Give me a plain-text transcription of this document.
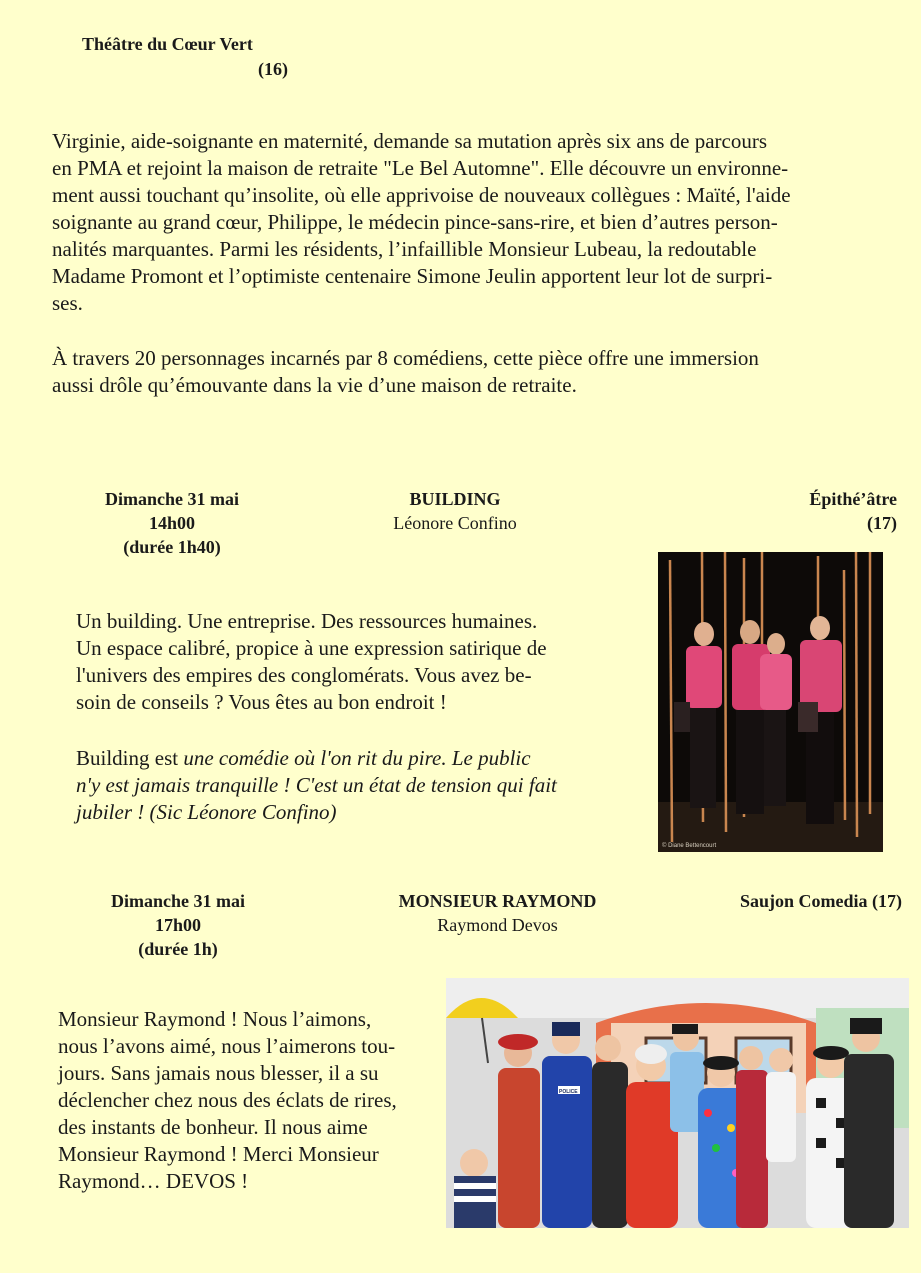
Théâtre du Cœur Vert
(16)
Virginie, aide-soignante en maternité, demande sa mutation après six ans de parcours
en PMA et rejoint la maison de retraite "Le Bel Automne". Elle découvre un environne-
ment aussi touchant qu’insolite, où elle apprivoise de nouveaux collègues : Maïté, l'aide
soignante au grand cœur, Philippe, le médecin pince-sans-rire, et bien d’autres person-
nalités marquantes. Parmi les résidents, l’infaillible Monsieur Lubeau, la redoutable
Madame Promont et l’optimiste centenaire Simone Jeulin apportent leur lot de surpri-
ses.
À travers 20 personnages incarnés par 8 comédiens, cette pièce offre une immersion
aussi drôle qu’émouvante dans la vie d’une maison de retraite.
Dimanche 31 mai
14h00
(durée 1h40)
BUILDING
Léonore Confino
Épithé’âtre
(17)
Un building. Une entreprise. Des ressources humaines.
Un espace calibré, propice à une expression satirique de
l'univers des empires des conglomérats. Vous avez be-
soin de conseils ? Vous êtes au bon endroit !
Building est une comédie où l'on rit du pire. Le public
n'y est jamais tranquille ! C'est un état de tension qui fait
jubiler ! (Sic Léonore Confino)
© Diane Bettencourt
Dimanche 31 mai
17h00
(durée 1h)
MONSIEUR RAYMOND
Raymond Devos
Saujon Comedia (17)
Monsieur Raymond ! Nous l’aimons,
nous l’avons aimé, nous l’aimerons tou-
jours. Sans jamais nous blesser, il a su
déclencher chez nous des éclats de rires,
des instants de bonheur. Il nous aime
Monsieur Raymond ! Merci Monsieur
Raymond… DEVOS !
POLICE
